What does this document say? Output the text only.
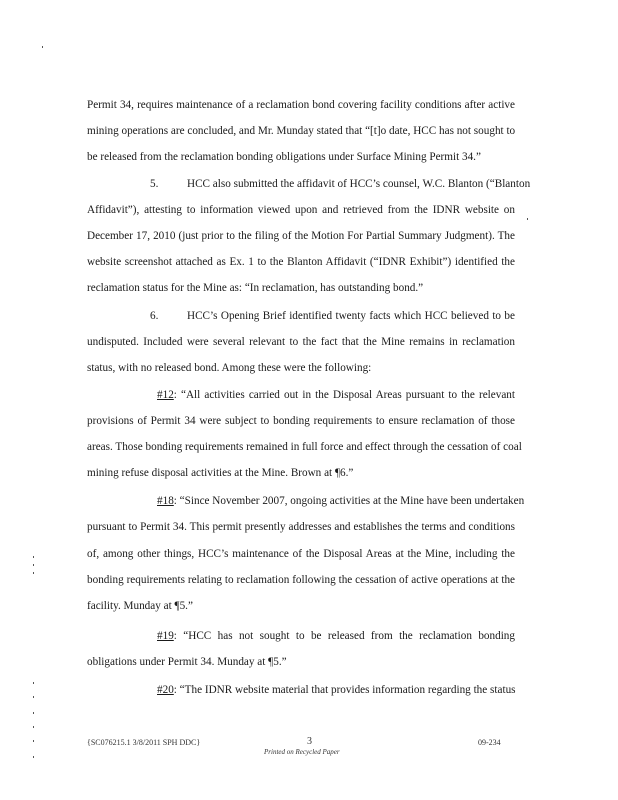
Permit 34, requires maintenance of a reclamation bond covering facility conditions after active
mining operations are concluded, and Mr. Munday stated that “[t]o date, HCC has not sought to
be released from the reclamation bonding obligations under Surface Mining Permit 34.”
5.	HCC also submitted the affidavit of HCC’s counsel, W.C. Blanton (“Blanton
Affidavit”), attesting to information viewed upon and retrieved from the IDNR website on
December 17, 2010 (just prior to the filing of the Motion For Partial Summary Judgment). The
website screenshot attached as Ex. 1 to the Blanton Affidavit (“IDNR Exhibit”) identified the
reclamation status for the Mine as: “In reclamation, has outstanding bond.”
6.	HCC’s Opening Brief identified twenty facts which HCC believed to be
undisputed. Included were several relevant to the fact that the Mine remains in reclamation
status, with no released bond. Among these were the following:
#12: “All activities carried out in the Disposal Areas pursuant to the relevant
provisions of Permit 34 were subject to bonding requirements to ensure reclamation of those
areas. Those bonding requirements remained in full force and effect through the cessation of coal
mining refuse disposal activities at the Mine. Brown at ¶6.”
#18: “Since November 2007, ongoing activities at the Mine have been undertaken
pursuant to Permit 34. This permit presently addresses and establishes the terms and conditions
of, among other things, HCC’s maintenance of the Disposal Areas at the Mine, including the
bonding requirements relating to reclamation following the cessation of active operations at the
facility. Munday at ¶5.”
#19: “HCC has not sought to be released from the reclamation bonding
obligations under Permit 34. Munday at ¶5.”
#20: “The IDNR website material that provides information regarding the status
{SC076215.1 3/8/2011 SPH DDC}	3
Printed on Recycled Paper
09-234
